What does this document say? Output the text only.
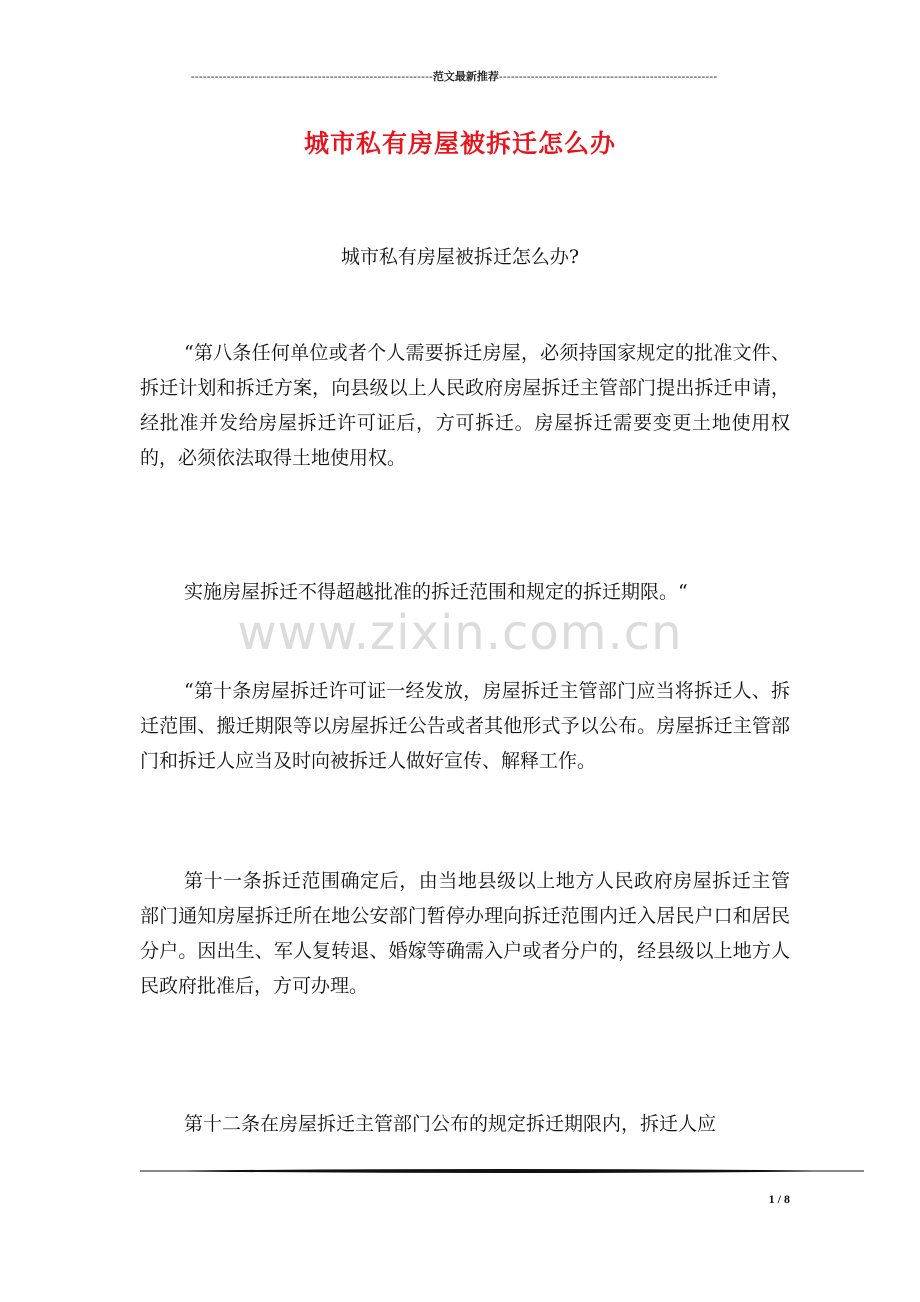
-------------------------------------------------------------范文最新推荐-------------------------------------------------------
城市私有房屋被拆迁怎么办
城市私有房屋被拆迁怎么办?
“第八条任何单位或者个人需要拆迁房屋，必须持国家规定的批准文件、拆迁计划和拆迁方案，向县级以上人民政府房屋拆迁主管部门提出拆迁申请，经批准并发给房屋拆迁许可证后，方可拆迁。房屋拆迁需要变更土地使用权的，必须依法取得土地使用权。
实施房屋拆迁不得超越批准的拆迁范围和规定的拆迁期限。“
“第十条房屋拆迁许可证一经发放，房屋拆迁主管部门应当将拆迁人、拆迁范围、搬迁期限等以房屋拆迁公告或者其他形式予以公布。房屋拆迁主管部门和拆迁人应当及时向被拆迁人做好宣传、解释工作。
第十一条拆迁范围确定后，由当地县级以上地方人民政府房屋拆迁主管部门通知房屋拆迁所在地公安部门暂停办理向拆迁范围内迁入居民户口和居民分户。因出生、军人复转退、婚嫁等确需入户或者分户的，经县级以上地方人民政府批准后，方可办理。
第十二条在房屋拆迁主管部门公布的规定拆迁期限内，拆迁人应
www.zixin.com.cn
1 / 8
